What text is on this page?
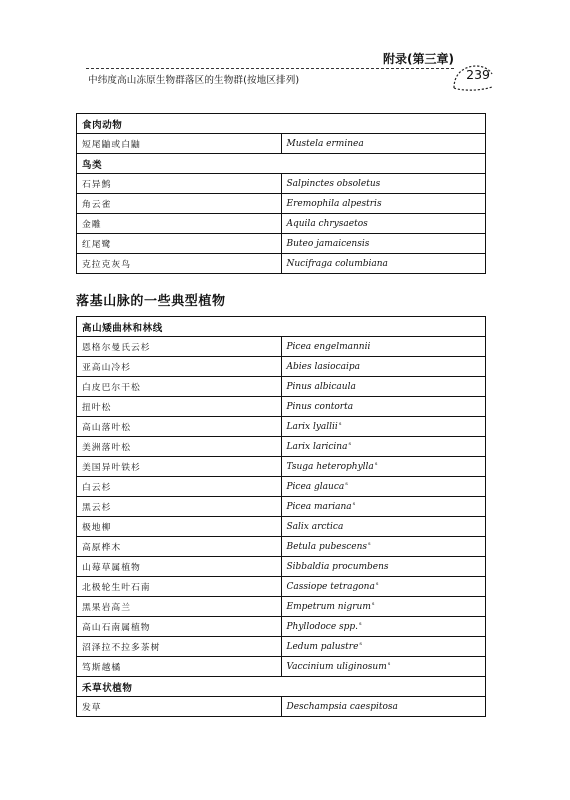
附录(第三章)
中纬度高山冻原生物群落区的生物群(按地区排列)	239
食肉动物	
短尾鼬或白鼬	Mustela erminea
鸟类	
石异鹪	Salpinctes obsoletus
角云雀	Eremophila alpestris
金雕	Aquila chrysaetos
红尾鹭	Buteo jamaicensis
克拉克灰鸟	Nucifraga columbiana
落基山脉的一些典型植物
高山矮曲林和林线	
恩格尔曼氏云杉	Picea engelmannii
亚高山冷杉	Abies lasiocaipa
白皮巴尔干松	Pinus albicaula
扭叶松	Pinus contorta
高山落叶松	Larix lyallii$^s$
美洲落叶松	Larix laricina$^s$
美国异叶铁杉	Tsuga heterophylla$^s$
白云杉	Picea glauca$^s$
黑云杉	Picea mariana$^s$
极地柳	Salix arctica
高原桦木	Betula pubescens$^s$
山莓草属植物	Sibbaldia procumbens
北极轮生叶石南	Cassiope tetragona$^s$
黑果岩高兰	Empetrum nigrum$^s$
高山石南属植物	Phyllodoce spp.$^s$
沼泽拉不拉多茶树	Ledum palustre$^s$
笃斯越橘	Vaccinium uliginosum$^s$
禾草状植物	
发草	Deschampsia caespitosa
